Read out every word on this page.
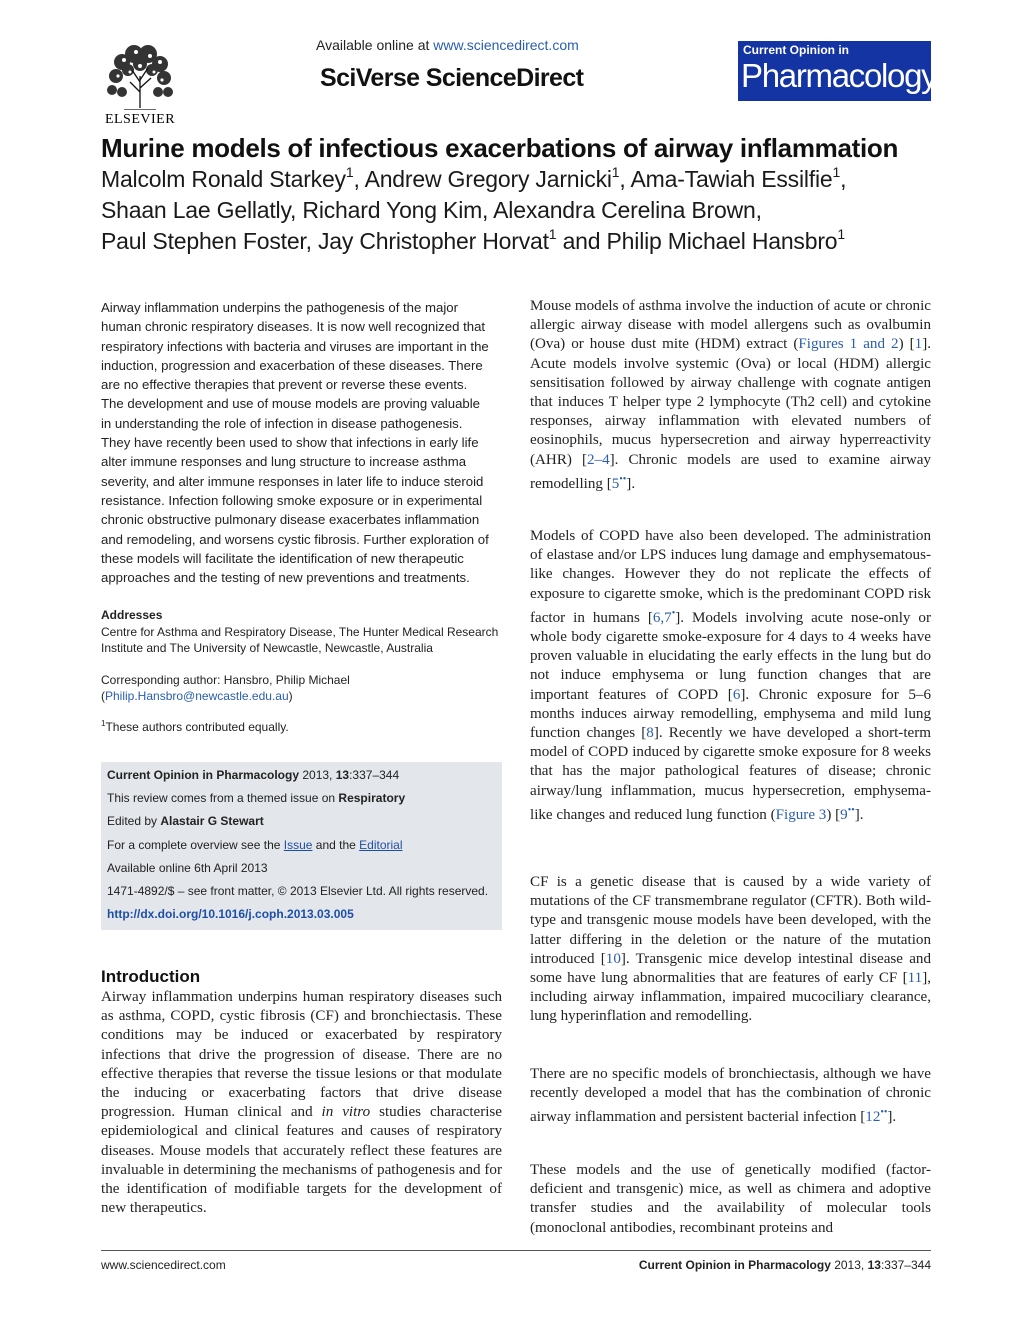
ELSEVIER
Available online at www.sciencedirect.com
SciVerse ScienceDirect
Current Opinion in
Pharmacology
Murine models of infectious exacerbations of airway inflammation
Malcolm Ronald Starkey$^1$, Andrew Gregory Jarnicki$^1$, Ama-Tawiah Essilfie$^1$,
Shaan Lae Gellatly, Richard Yong Kim, Alexandra Cerelina Brown,
Paul Stephen Foster, Jay Christopher Horvat$^1$ and Philip Michael Hansbro$^1$

Airway inflammation underpins the pathogenesis of the major human chronic respiratory diseases. It is now well recognized that respiratory infections with bacteria and viruses are important in the induction, progression and exacerbation of these diseases. There are no effective therapies that prevent or reverse these events. The development and use of mouse models are proving valuable in understanding the role of infection in disease pathogenesis. They have recently been used to show that infections in early life alter immune responses and lung structure to increase asthma severity, and alter immune responses in later life to induce steroid resistance. Infection following smoke exposure or in experimental chronic obstructive pulmonary disease exacerbates inflammation and remodeling, and worsens cystic fibrosis. Further exploration of these models will facilitate the identification of new therapeutic approaches and the testing of new preventions and treatments.

Addresses
Centre for Asthma and Respiratory Disease, The Hunter Medical Research Institute and The University of Newcastle, Newcastle, Australia
Corresponding author: Hansbro, Philip Michael
(Philip.Hansbro@newcastle.edu.au)
$^1$These authors contributed equally.
Current Opinion in Pharmacology 2013, 13:337–344
This review comes from a themed issue on Respiratory
Edited by Alastair G Stewart
For a complete overview see the Issue and the Editorial
Available online 6th April 2013
1471-4892/$ – see front matter, © 2013 Elsevier Ltd. All rights reserved.
http://dx.doi.org/10.1016/j.coph.2013.03.005
Introduction

Airway inflammation underpins human respiratory diseases such as asthma, COPD, cystic fibrosis (CF) and bronchiectasis. These conditions may be induced or exacerbated by respiratory infections that drive the progression of disease. There are no effective therapies that reverse the tissue lesions or that modulate the inducing or exacerbating factors that drive disease progression. Human clinical and in vitro studies characterise epidemiological and clinical features and causes of respiratory diseases. Mouse models that accurately reflect these features are invaluable in determining the mechanisms of pathogenesis and for the identification of modifiable targets for the development of new therapeutics.

Mouse models of asthma involve the induction of acute or chronic allergic airway disease with model allergens such as ovalbumin (Ova) or house dust mite (HDM) extract (Figures 1 and 2) [1]. Acute models involve systemic (Ova) or local (HDM) allergic sensitisation followed by airway challenge with cognate antigen that induces T helper type 2 lymphocyte (Th2 cell) and cytokine responses, airway inflammation with elevated numbers of eosinophils, mucus hypersecretion and airway hyperreactivity (AHR) [2–4]. Chronic models are used to examine airway remodelling [5••].

Models of COPD have also been developed. The administration of elastase and/or LPS induces lung damage and emphysematous-like changes. However they do not replicate the effects of exposure to cigarette smoke, which is the predominant COPD risk factor in humans [6,7•]. Models involving acute nose-only or whole body cigarette smoke-exposure for 4 days to 4 weeks have proven valuable in elucidating the early effects in the lung but do not induce emphysema or lung function changes that are important features of COPD [6]. Chronic exposure for 5–6 months induces airway remodelling, emphysema and mild lung function changes [8]. Recently we have developed a short-term model of COPD induced by cigarette smoke exposure for 8 weeks that has the major pathological features of disease; chronic airway/lung inflammation, mucus hypersecretion, emphysema-like changes and reduced lung function (Figure 3) [9••].

CF is a genetic disease that is caused by a wide variety of mutations of the CF transmembrane regulator (CFTR). Both wild-type and transgenic mouse models have been developed, with the latter differing in the deletion or the nature of the mutation introduced [10]. Transgenic mice develop intestinal disease and some have lung abnormalities that are features of early CF [11], including airway inflammation, impaired mucociliary clearance, lung hyperinflation and remodelling.

There are no specific models of bronchiectasis, although we have recently developed a model that has the combination of chronic airway inflammation and persistent bacterial infection [12••].

These models and the use of genetically modified (factor-deficient and transgenic) mice, as well as chimera and adoptive transfer studies and the availability of molecular tools (monoclonal antibodies, recombinant proteins and

www.sciencedirect.com	Current Opinion in Pharmacology 2013, 13:337–344
